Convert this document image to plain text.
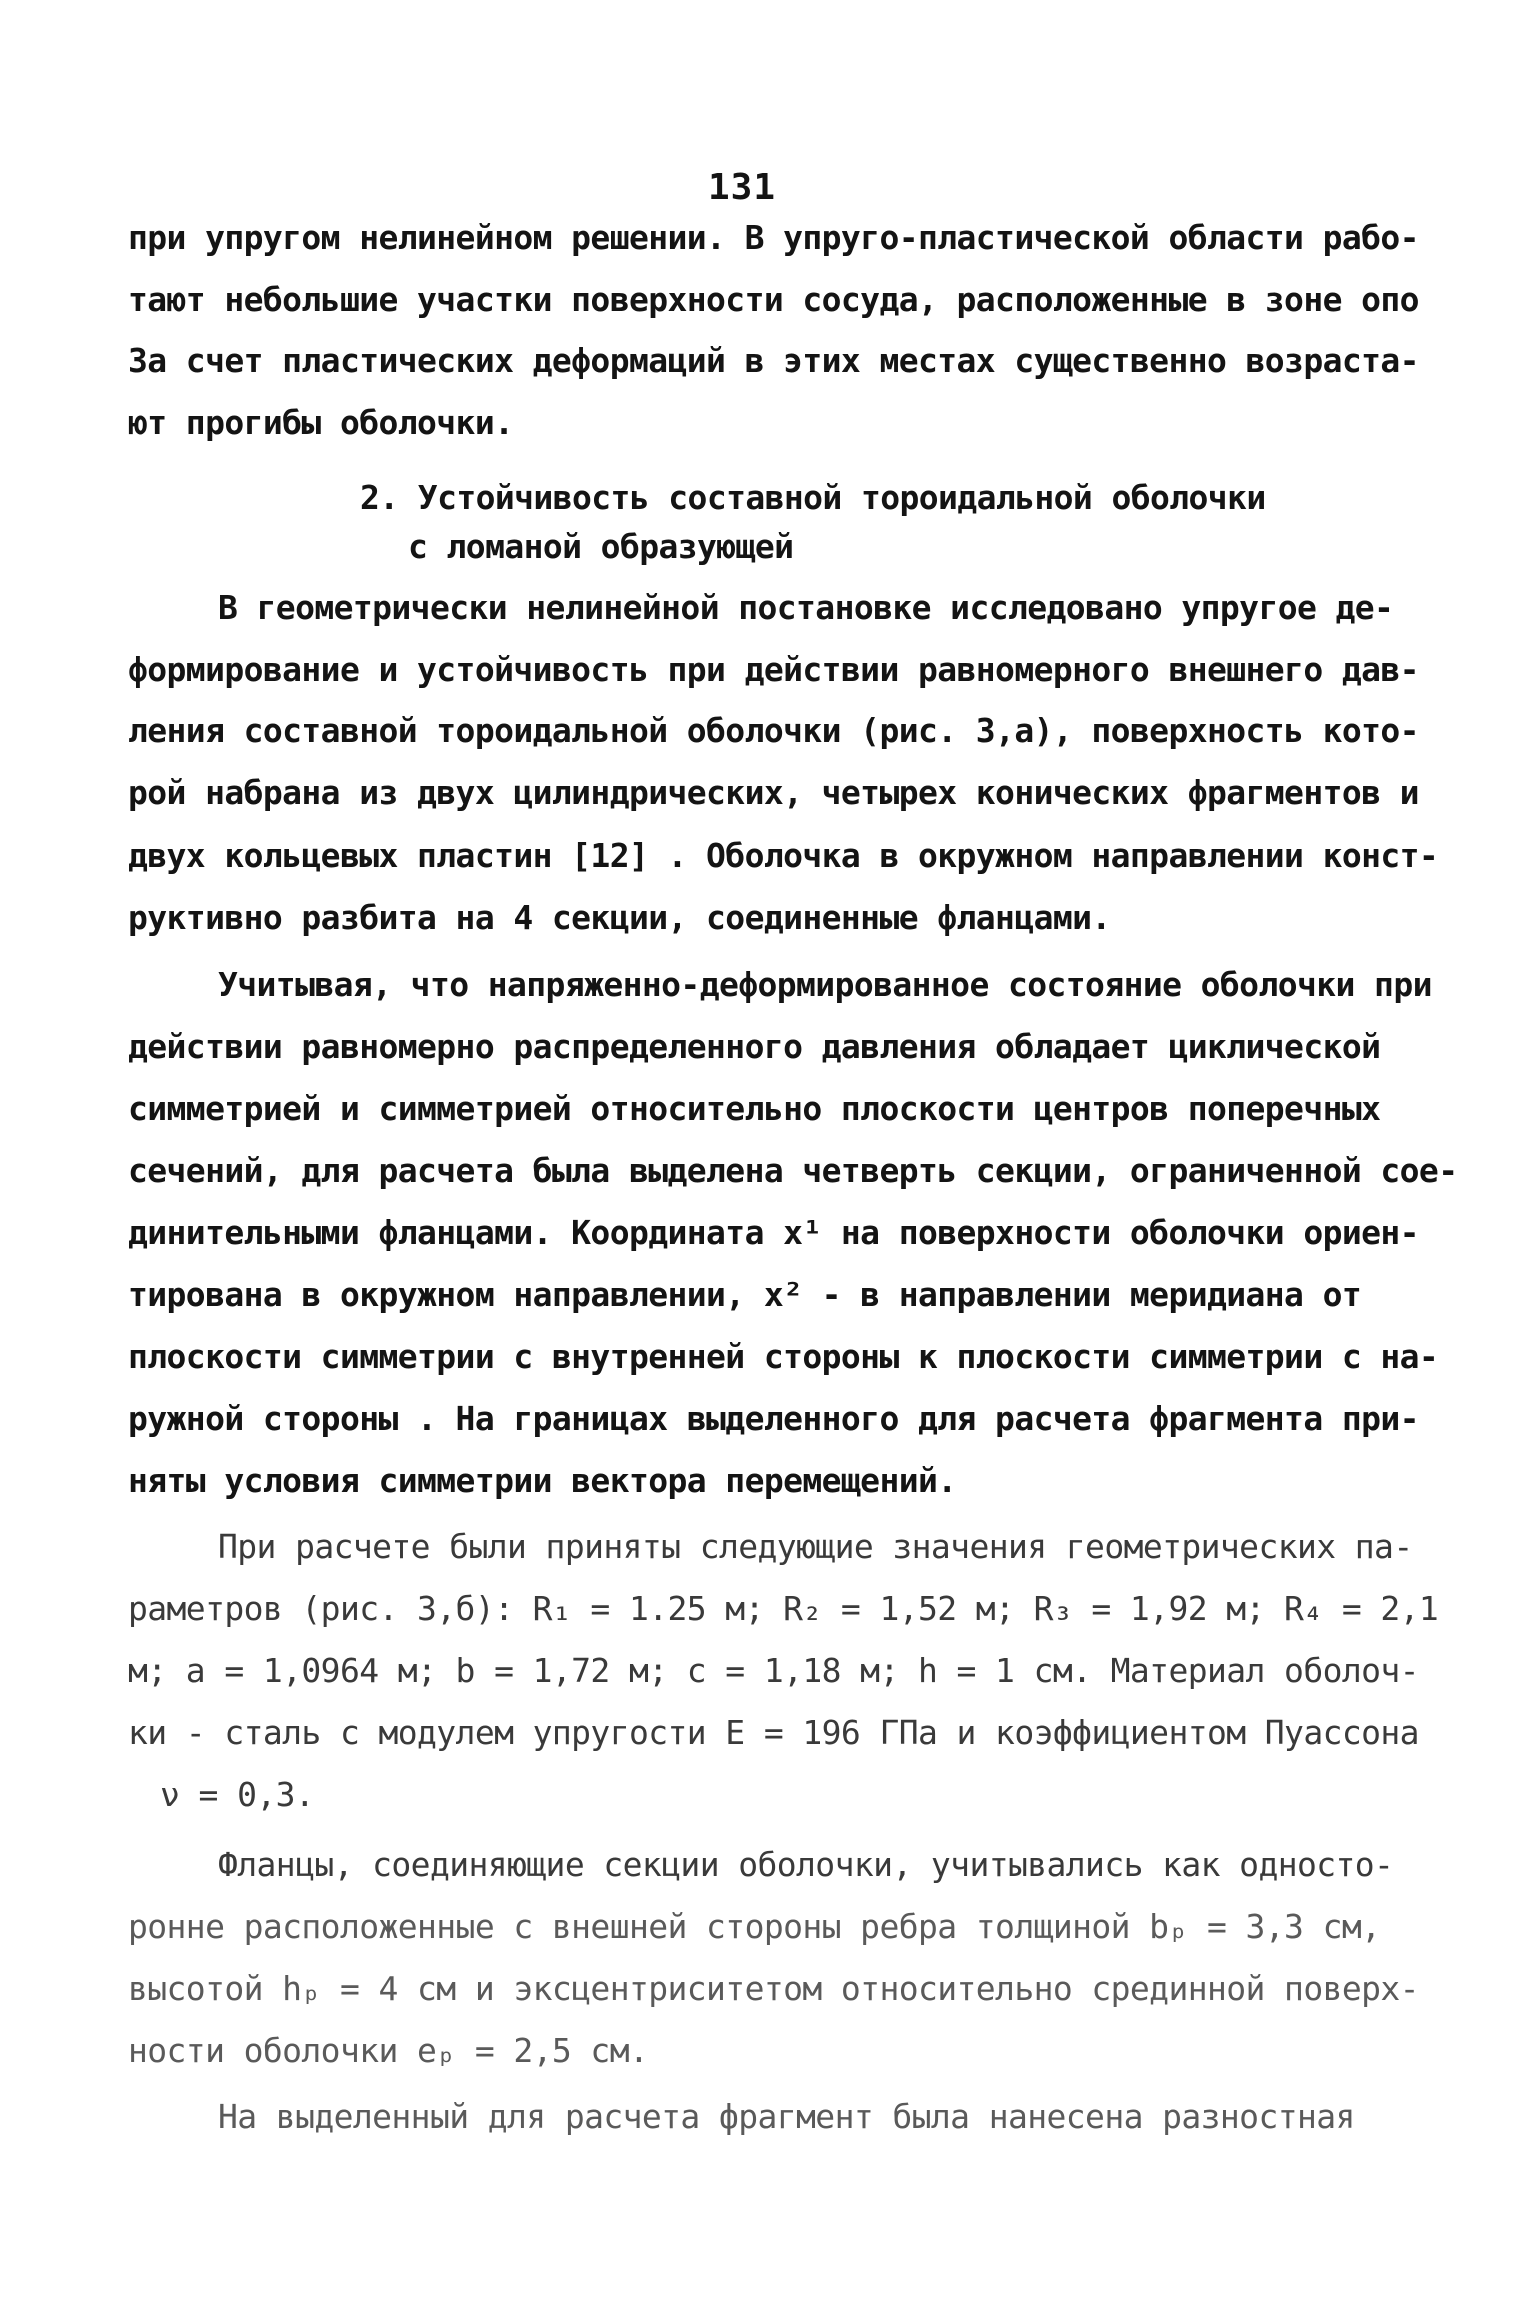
131
при упругом нелинейном решении. В упруго-пластической области рабо-
тают небольшие участки поверхности сосуда, расположенные в зоне опо
За счет пластических деформаций в этих местах существенно возраста-
ют прогибы оболочки.
2. Устойчивость составной тороидальной оболочки
с ломаной образующей
В геометрически нелинейной постановке исследовано упругое де-
формирование и устойчивость при действии равномерного внешнего дав-
ления составной тороидальной оболочки (рис. 3,а), поверхность кото-
рой набрана из двух цилиндрических, четырех конических фрагментов и
двух кольцевых пластин [12] . Оболочка в окружном направлении конст-
руктивно разбита на 4 секции, соединенные фланцами.
Учитывая, что напряженно-деформированное состояние оболочки при
действии равномерно распределенного давления обладает циклической
симметрией и симметрией относительно плоскости центров поперечных
сечений, для расчета была выделена четверть секции, ограниченной сое-
динительными фланцами. Координата x¹ на поверхности оболочки ориен-
тирована в окружном направлении, x² - в направлении меридиана от
плоскости симметрии с внутренней стороны к плоскости симметрии с на-
ружной стороны . На границах выделенного для расчета фрагмента при-
няты условия симметрии вектора перемещений.
При расчете были приняты следующие значения геометрических па-
раметров (рис. 3,б): R₁ = 1.25 м; R₂ = 1,52 м; R₃ = 1,92 м; R₄ = 2,1
м; a = 1,0964 м; b = 1,72 м; c = 1,18 м; h = 1 см. Материал оболоч-
ки - сталь с модулем упругости E = 196 ГПа и коэффициентом Пуассона
ν = 0,3.
Фланцы, соединяющие секции оболочки, учитывались как односто-
ронне расположенные с внешней стороны ребра толщиной bₚ = 3,3 см,
высотой hₚ = 4 см и эксцентриситетом относительно срединной поверх-
ности оболочки eₚ = 2,5 см.
На выделенный для расчета фрагмент была нанесена разностная
